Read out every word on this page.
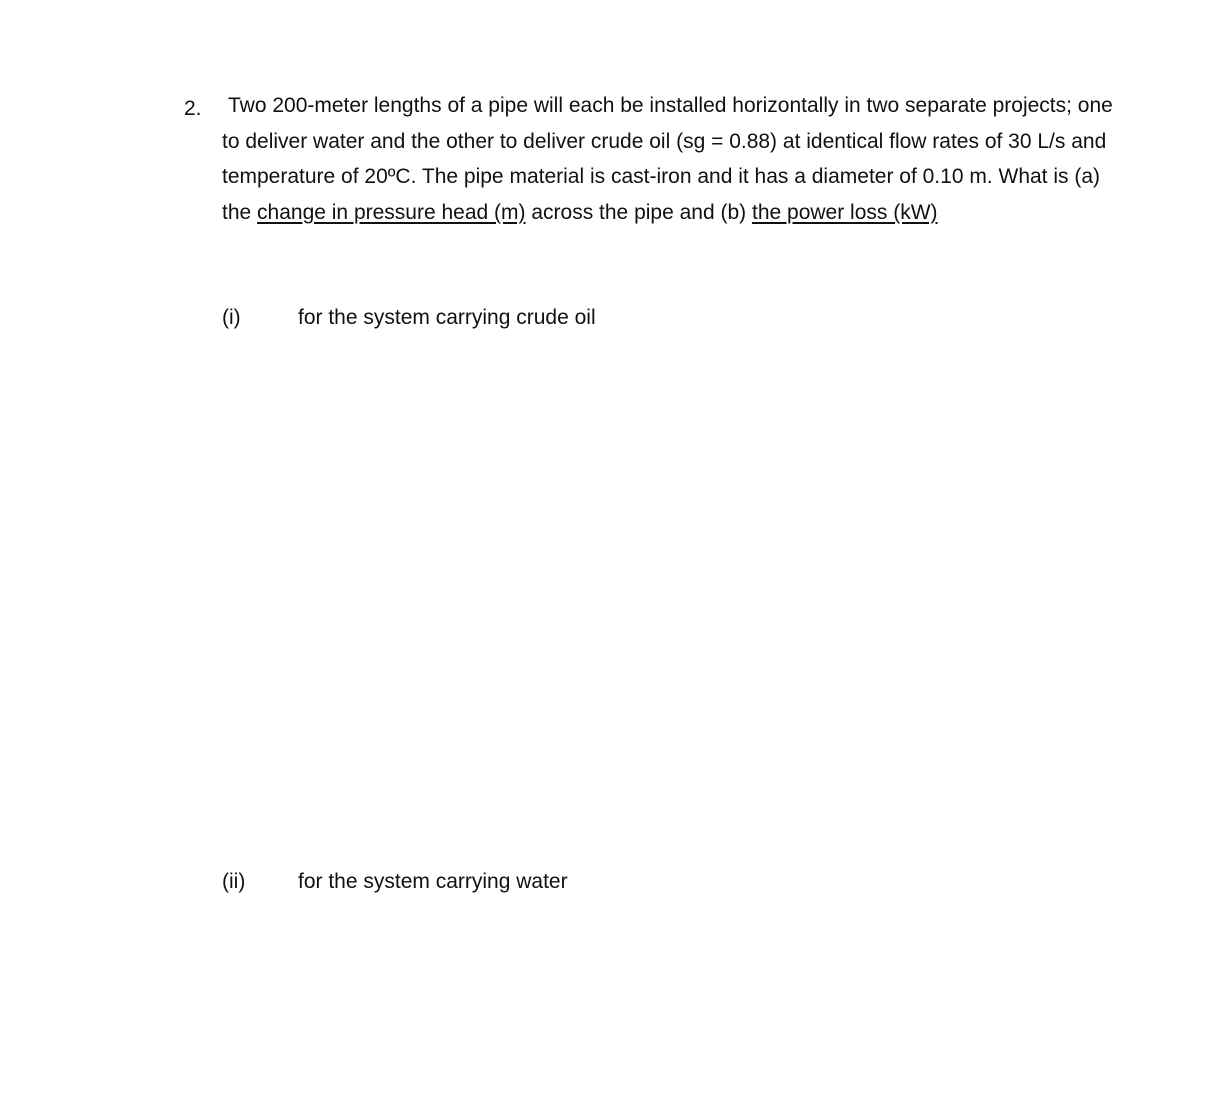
2. Two 200-meter lengths of a pipe will each be installed horizontally in two separate projects; one to deliver water and the other to deliver crude oil (sg = 0.88) at identical flow rates of 30 L/s and temperature of 20ºC. The pipe material is cast-iron and it has a diameter of 0.10 m. What is (a) the change in pressure head (m) across the pipe and (b) the power loss (kW)
(i)	for the system carrying crude oil
(ii)	for the system carrying water
